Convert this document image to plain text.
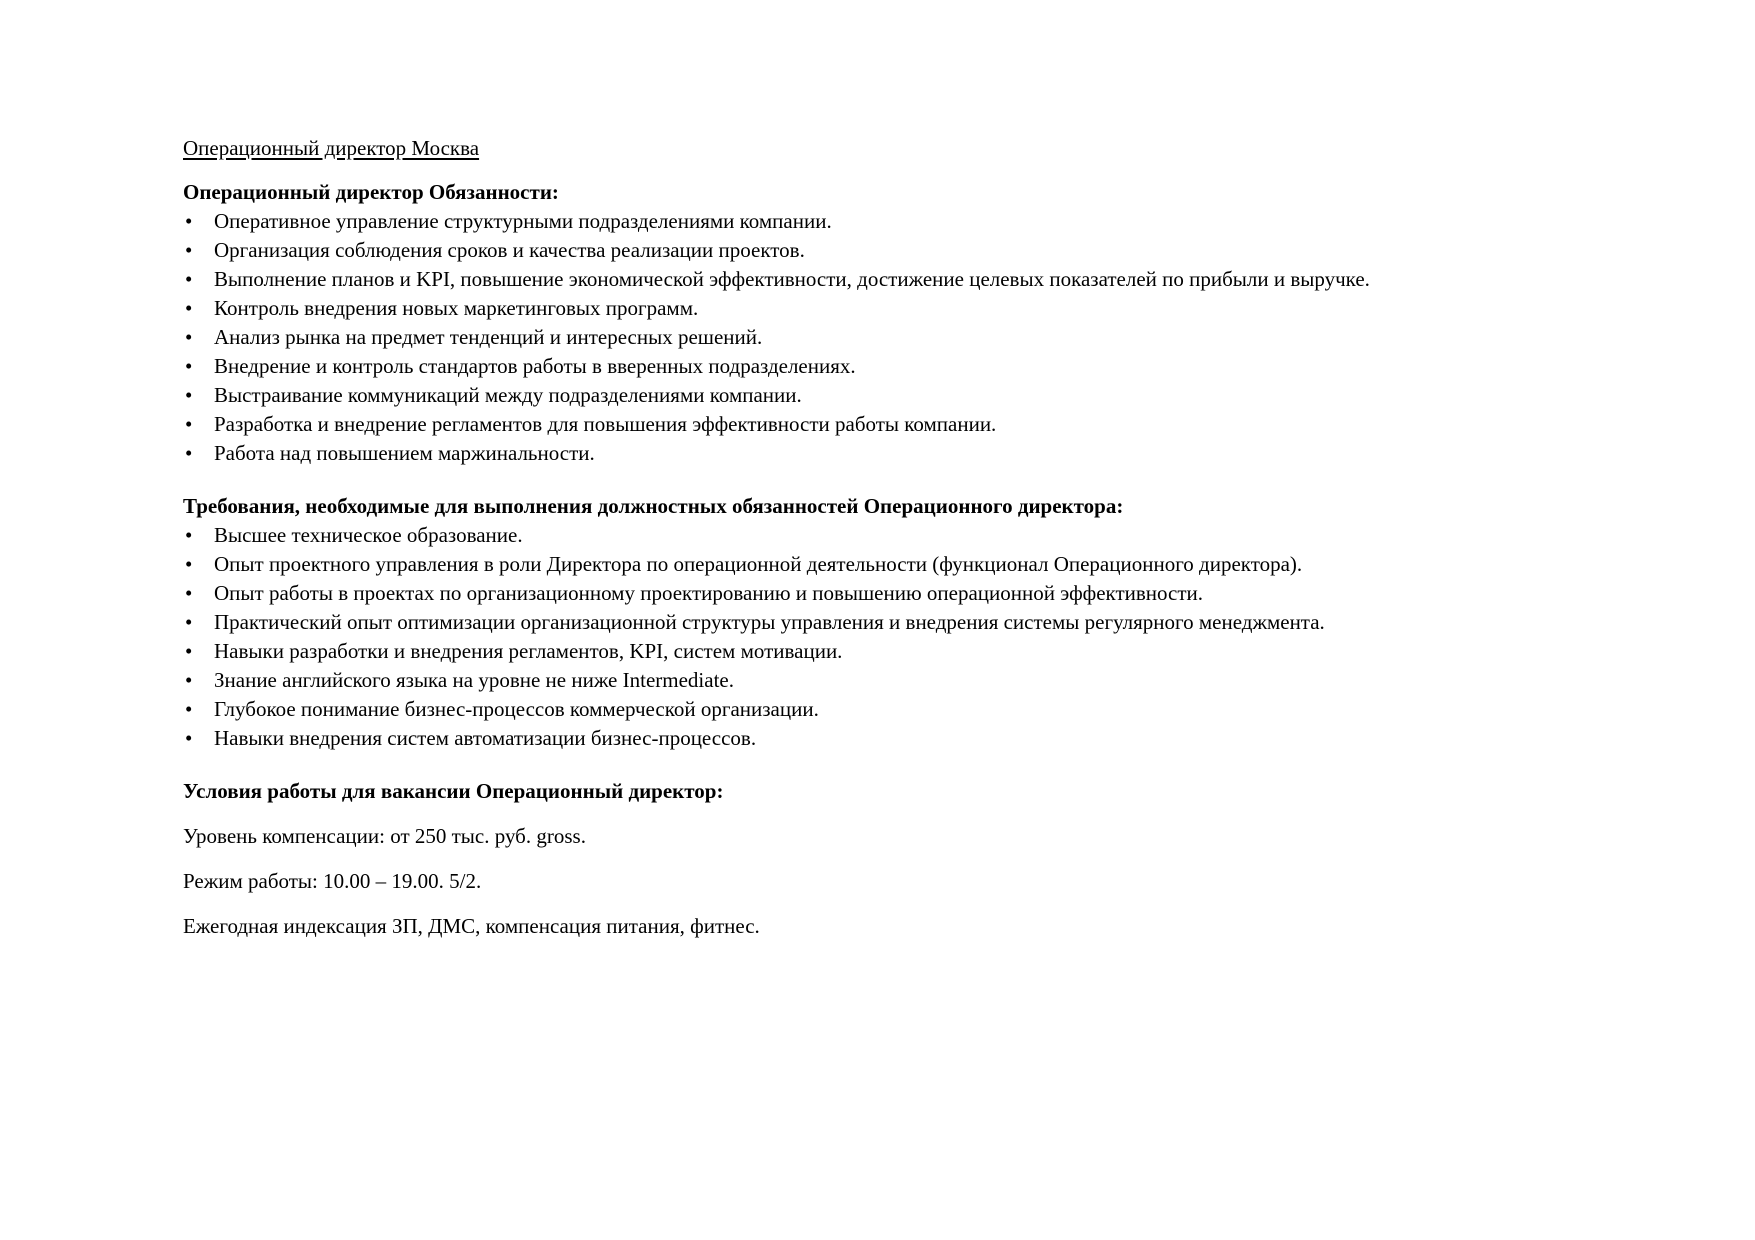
Операционный директор Москва

Операционный директор Обязанности:

• Оперативное управление структурными подразделениями компании.
• Организация соблюдения сроков и качества реализации проектов.
• Выполнение планов и KPI, повышение экономической эффективности, достижение целевых показателей по прибыли и выручке.
• Контроль внедрения новых маркетинговых программ.
• Анализ рынка на предмет тенденций и интересных решений.
• Внедрение и контроль стандартов работы в вверенных подразделениях.
• Выстраивание коммуникаций между подразделениями компании.
• Разработка и внедрение регламентов для повышения эффективности работы компании.
• Работа над повышением маржинальности.

Требования, необходимые для выполнения должностных обязанностей Операционного директора:

• Высшее техническое образование.
• Опыт проектного управления в роли Директора по операционной деятельности (функционал Операционного директора).
• Опыт работы в проектах по организационному проектированию и повышению операционной эффективности.
• Практический опыт оптимизации организационной структуры управления и внедрения системы регулярного менеджмента.
• Навыки разработки и внедрения регламентов, KPI, систем мотивации.
• Знание английского языка на уровне не ниже Intermediate.
• Глубокое понимание бизнес-процессов коммерческой организации.
• Навыки внедрения систем автоматизации бизнес-процессов.

Условия работы для вакансии Операционный директор:

Уровень компенсации: от 250 тыс. руб. gross.

Режим работы: 10.00 – 19.00. 5/2.

Ежегодная индексация ЗП, ДМС, компенсация питания, фитнес.
